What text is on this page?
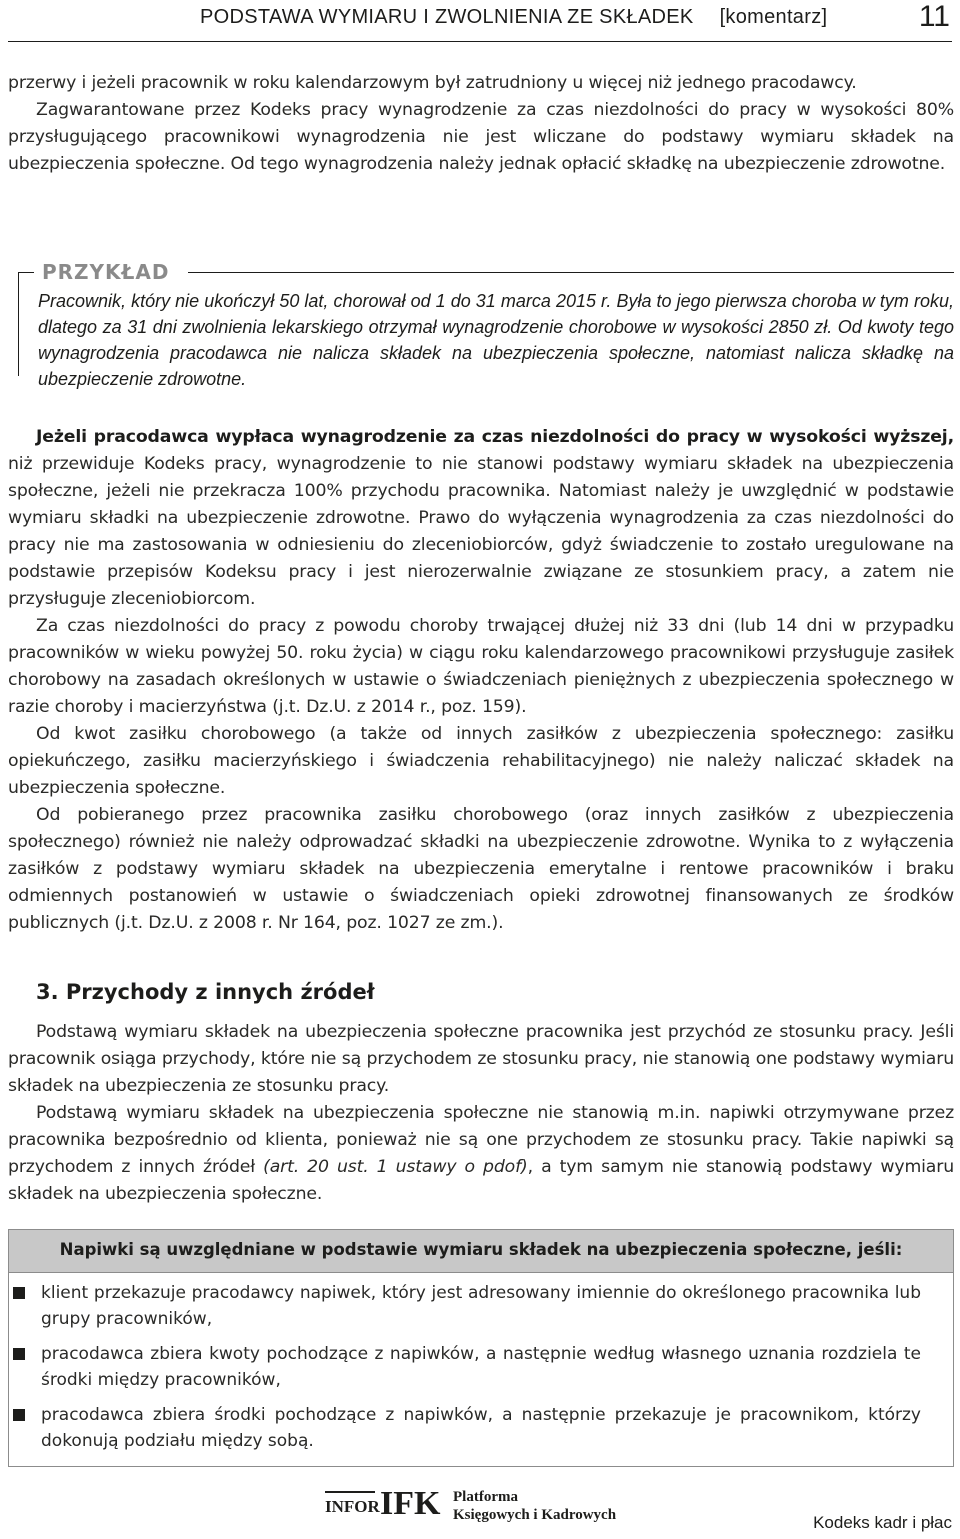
PODSTAWA WYMIARU I ZWOLNIENIA ZE SKŁADEK [komentarz]	11

przerwy i jeżeli pracownik w roku kalendarzowym był zatrudniony u więcej niż jednego pracodawcy.

Zagwarantowane przez Kodeks pracy wynagrodzenie za czas niezdolności do pracy w wysokości 80% przysługującego pracownikowi wynagrodzenia nie jest wliczane do podstawy wymiaru składek na ubezpieczenia społeczne. Od tego wynagrodzenia należy jednak opłacić składkę na ubezpieczenie zdrowotne.

PRZYKŁAD
Pracownik, który nie ukończył 50 lat, chorował od 1 do 31 marca 2015 r. Była to jego pierwsza choroba w tym roku, dlatego za 31 dni zwolnienia lekarskiego otrzymał wynagrodzenie chorobowe w wysokości 2850 zł. Od kwoty tego wynagrodzenia pracodawca nie nalicza składek na ubezpieczenia społeczne, natomiast nalicza składkę na ubezpieczenie zdrowotne.

Jeżeli pracodawca wypłaca wynagrodzenie za czas niezdolności do pracy w wysokości wyższej, niż przewiduje Kodeks pracy, wynagrodzenie to nie stanowi podstawy wymiaru składek na ubezpieczenia społeczne, jeżeli nie przekracza 100% przychodu pracownika. Natomiast należy je uwzględnić w podstawie wymiaru składki na ubezpieczenie zdrowotne. Prawo do wyłączenia wynagrodzenia za czas niezdolności do pracy nie ma zastosowania w odniesieniu do zleceniobiorców, gdyż świadczenie to zostało uregulowane na podstawie przepisów Kodeksu pracy i jest nierozerwalnie związane ze stosunkiem pracy, a zatem nie przysługuje zleceniobiorcom.

Za czas niezdolności do pracy z powodu choroby trwającej dłużej niż 33 dni (lub 14 dni w przypadku pracowników w wieku powyżej 50. roku życia) w ciągu roku kalendarzowego pracownikowi przysługuje zasiłek chorobowy na zasadach określonych w ustawie o świadczeniach pieniężnych z ubezpieczenia społecznego w razie choroby i macierzyństwa (j.t. Dz.U. z 2014 r., poz. 159).

Od kwot zasiłku chorobowego (a także od innych zasiłków z ubezpieczenia społecznego: zasiłku opiekuńczego, zasiłku macierzyńskiego i świadczenia rehabilitacyjnego) nie należy naliczać składek na ubezpieczenia społeczne.

Od pobieranego przez pracownika zasiłku chorobowego (oraz innych zasiłków z ubezpieczenia społecznego) również nie należy odprowadzać składki na ubezpieczenie zdrowotne. Wynika to z wyłączenia zasiłków z podstawy wymiaru składek na ubezpieczenia emerytalne i rentowe pracowników i braku odmiennych postanowień w ustawie o świadczeniach opieki zdrowotnej finansowanych ze środków publicznych (j.t. Dz.U. z 2008 r. Nr 164, poz. 1027 ze zm.).

3. Przychody z innych źródeł

Podstawą wymiaru składek na ubezpieczenia społeczne pracownika jest przychód ze stosunku pracy. Jeśli pracownik osiąga przychody, które nie są przychodem ze stosunku pracy, nie stanowią one podstawy wymiaru składek na ubezpieczenia ze stosunku pracy.

Podstawą wymiaru składek na ubezpieczenia społeczne nie stanowią m.in. napiwki otrzymywane przez pracownika bezpośrednio od klienta, ponieważ nie są one przychodem ze stosunku pracy. Takie napiwki są przychodem z innych źródeł (art. 20 ust. 1 ustawy o pdof), a tym samym nie stanowią podstawy wymiaru składek na ubezpieczenia społeczne.

Napiwki są uwzględniane w podstawie wymiaru składek na ubezpieczenia społeczne, jeśli:
klient przekazuje pracodawcy napiwek, który jest adresowany imiennie do określonego pracownika lub grupy pracowników,
pracodawca zbiera kwoty pochodzące z napiwków, a następnie według własnego uznania rozdziela te środki między pracowników,
pracodawca zbiera środki pochodzące z napiwków, a następnie przekazuje je pracownikom, którzy dokonują podziału między sobą.
INFOR IFK Platforma
Księgowych i Kadrowych	Kodeks kadr i płac
